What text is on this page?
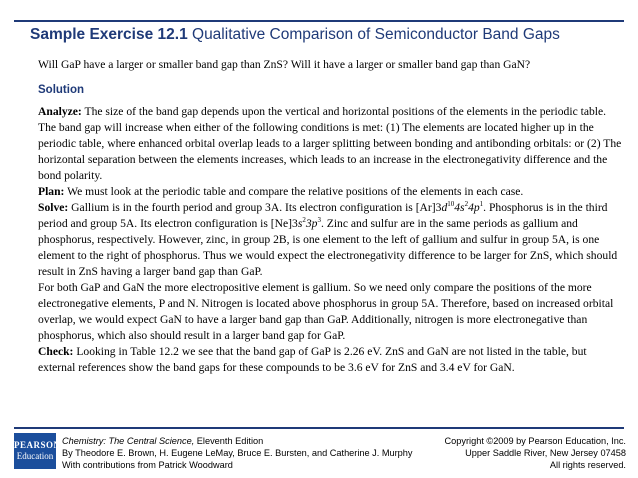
Sample Exercise 12.1 Qualitative Comparison of Semiconductor Band Gaps
Will GaP have a larger or smaller band gap than ZnS? Will it have a larger or smaller band gap than GaN?
Solution

Analyze: The size of the band gap depends upon the vertical and horizontal positions of the elements in the periodic table. The band gap will increase when either of the following conditions is met: (1) The elements are located higher up in the periodic table, where enhanced orbital overlap leads to a larger splitting between bonding and antibonding orbitals: or (2) The horizontal separation between the elements increases, which leads to an increase in the electronegativity difference and the bond polarity.

Plan: We must look at the periodic table and compare the relative positions of the elements in each case.

Solve: Gallium is in the fourth period and group 3A. Its electron configuration is $[Ar]3d^{10}4s^24p^1$. Phosphorus is in the third period and group 5A. Its electron configuration is $[Ne]3s^23p^3$. Zinc and sulfur are in the same periods as gallium and phosphorus, respectively. However, zinc, in group 2B, is one element to the left of gallium and sulfur in group 5A, is one element to the right of phosphorus. Thus we would expect the electronegativity difference to be larger for ZnS, which should result in ZnS having a larger band gap than GaP.

For both GaP and GaN the more electropositive element is gallium. So we need only compare the positions of the more electronegative elements, P and N. Nitrogen is located above phosphorus in group 5A. Therefore, based on increased orbital overlap, we would expect GaN to have a larger band gap than GaP. Additionally, nitrogen is more electronegative than phosphorus, which also should result in a larger band gap for GaP.

Check: Looking in Table 12.2 we see that the band gap of GaP is 2.26 eV. ZnS and GaN are not listed in the table, but external references show the band gaps for these compounds to be 3.6 eV for ZnS and 3.4 eV for GaN.

PEARSON
Education
Chemistry: The Central Science, Eleventh Edition
By Theodore E. Brown, H. Eugene LeMay, Bruce E. Bursten, and Catherine J. Murphy
With contributions from Patrick Woodward
Copyright ©2009 by Pearson Education, Inc.
Upper Saddle River, New Jersey 07458
All rights reserved.
